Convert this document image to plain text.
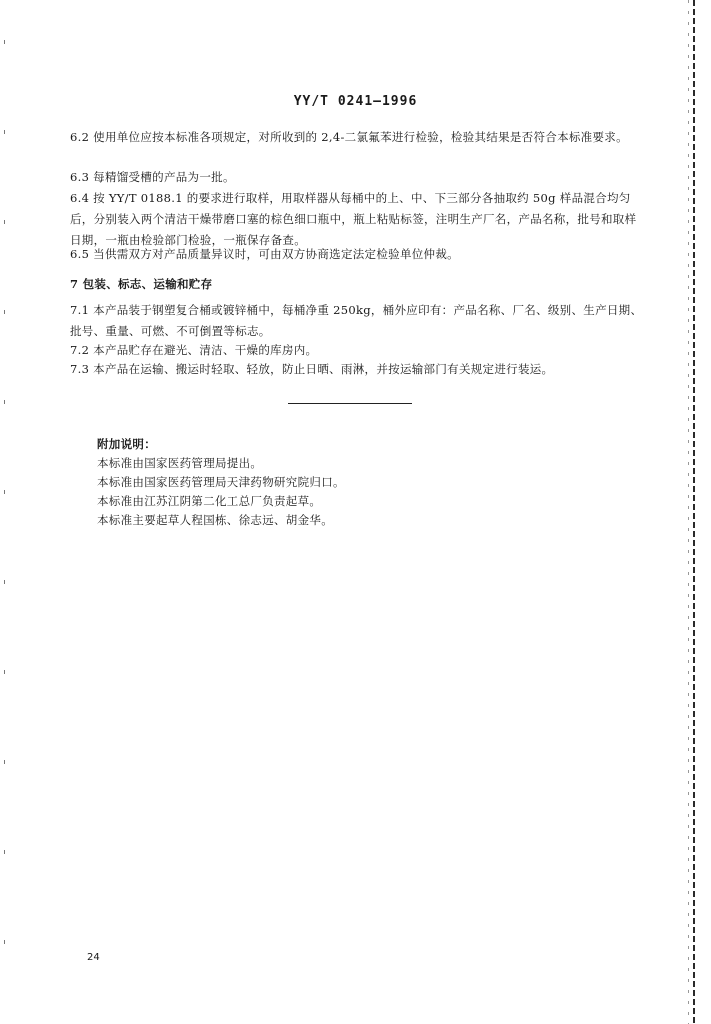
YY/T 0241—1996
6.2 使用单位应按本标准各项规定，对所收到的 2,4-二氯氟苯进行检验，检验其结果是否符合本标准要求。
6.3 每精馏受槽的产品为一批。
6.4 按 YY/T 0188.1 的要求进行取样，用取样器从每桶中的上、中、下三部分各抽取约 50g 样品混合均匀后，分别装入两个清洁干燥带磨口塞的棕色细口瓶中，瓶上粘贴标签，注明生产厂名，产品名称，批号和取样日期，一瓶由检验部门检验，一瓶保存备查。
6.5 当供需双方对产品质量异议时，可由双方协商选定法定检验单位仲裁。
7 包装、标志、运输和贮存
7.1 本产品装于钢塑复合桶或镀锌桶中，每桶净重 250kg，桶外应印有：产品名称、厂名、级别、生产日期、批号、重量、可燃、不可倒置等标志。
7.2 本产品贮存在避光、清洁、干燥的库房内。
7.3 本产品在运输、搬运时轻取、轻放，防止日晒、雨淋，并按运输部门有关规定进行装运。
附加说明：
本标准由国家医药管理局提出。
本标准由国家医药管理局天津药物研究院归口。
本标准由江苏江阴第二化工总厂负责起草。
本标准主要起草人程国栋、徐志远、胡金华。
24
